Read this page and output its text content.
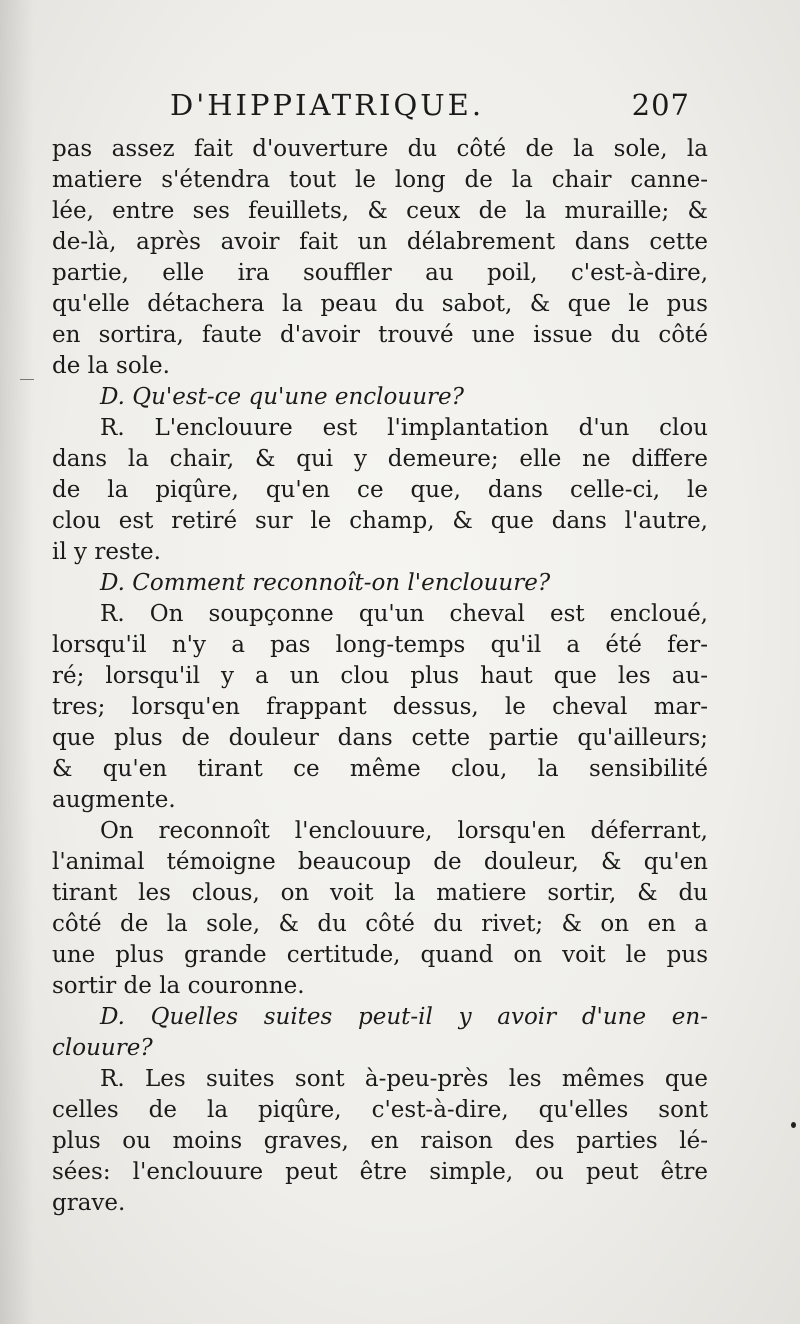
D'HIPPIATRIQUE.	207
pas assez fait d'ouverture du côté de la sole, la
matiere s'étendra tout le long de la chair canne-
lée, entre ses feuillets, & ceux de la muraille; &
de-là, après avoir fait un délabrement dans cette
partie, elle ira souffler au poil, c'est-à-dire,
qu'elle détachera la peau du sabot, & que le pus
en sortira, faute d'avoir trouvé une issue du côté
de la sole.
D. Qu'est-ce qu'une enclouure?
R. L'enclouure est l'implantation d'un clou
dans la chair, & qui y demeure; elle ne differe
de la piqûre, qu'en ce que, dans celle-ci, le
clou est retiré sur le champ, & que dans l'autre,
il y reste.
D. Comment reconnoît-on l'enclouure?
R. On soupçonne qu'un cheval est encloué,
lorsqu'il n'y a pas long-temps qu'il a été fer-
ré; lorsqu'il y a un clou plus haut que les au-
tres; lorsqu'en frappant dessus, le cheval mar-
que plus de douleur dans cette partie qu'ailleurs;
& qu'en tirant ce même clou, la sensibilité
augmente.
On reconnoît l'enclouure, lorsqu'en déferrant,
l'animal témoigne beaucoup de douleur, & qu'en
tirant les clous, on voit la matiere sortir, & du
côté de la sole, & du côté du rivet; & on en a
une plus grande certitude, quand on voit le pus
sortir de la couronne.
D. Quelles suites peut-il y avoir d'une en-
clouure?
R. Les suites sont à-peu-près les mêmes que
celles de la piqûre, c'est-à-dire, qu'elles sont
plus ou moins graves, en raison des parties lé-
sées: l'enclouure peut être simple, ou peut être
grave.
